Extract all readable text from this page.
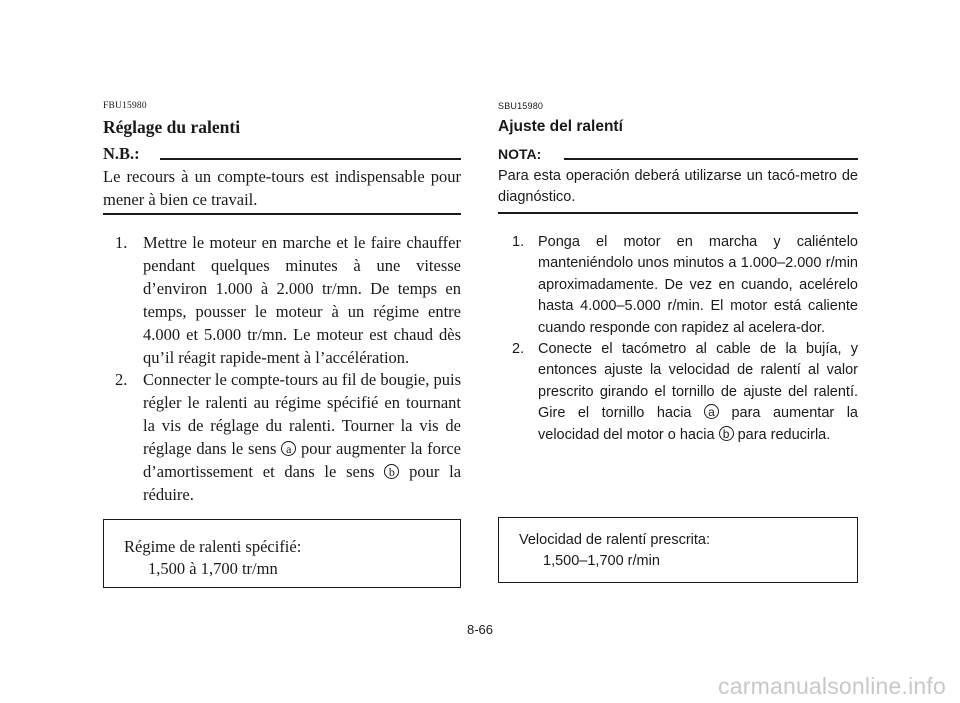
FBU15980
Réglage du ralenti
N.B.:
Le recours à un compte-tours est indispensable pour mener à bien ce travail.
1. Mettre le moteur en marche et le faire chauffer pendant quelques minutes à une vitesse d’environ 1.000 à 2.000 tr/mn. De temps en temps, pousser le moteur à un régime entre 4.000 et 5.000 tr/mn. Le moteur est chaud dès qu’il réagit rapide-ment à l’accélération.
2. Connecter le compte-tours au fil de bougie, puis régler le ralenti au régime spécifié en tournant la vis de réglage du ralenti. Tourner la vis de réglage dans le sens a pour augmenter la force d’amortissement et dans le sens b pour la réduire.
Régime de ralenti spécifié:
1,500 à 1,700 tr/mn
SBU15980
Ajuste del ralentí
NOTA:
Para esta operación deberá utilizarse un tacó-metro de diagnóstico.
1. Ponga el motor en marcha y caliéntelo manteniéndolo unos minutos a 1.000–2.000 r/min aproximadamente. De vez en cuando, acelérelo hasta 4.000–5.000 r/min. El motor está caliente cuando responde con rapidez al acelera-dor.
2. Conecte el tacómetro al cable de la bujía, y entonces ajuste la velocidad de ralentí al valor prescrito girando el tornillo de ajuste del ralentí. Gire el tornillo hacia a para aumentar la velocidad del motor o hacia b para reducirla.
Velocidad de ralentí prescrita:
1,500–1,700 r/min
8-66
carmanualsonline.info
